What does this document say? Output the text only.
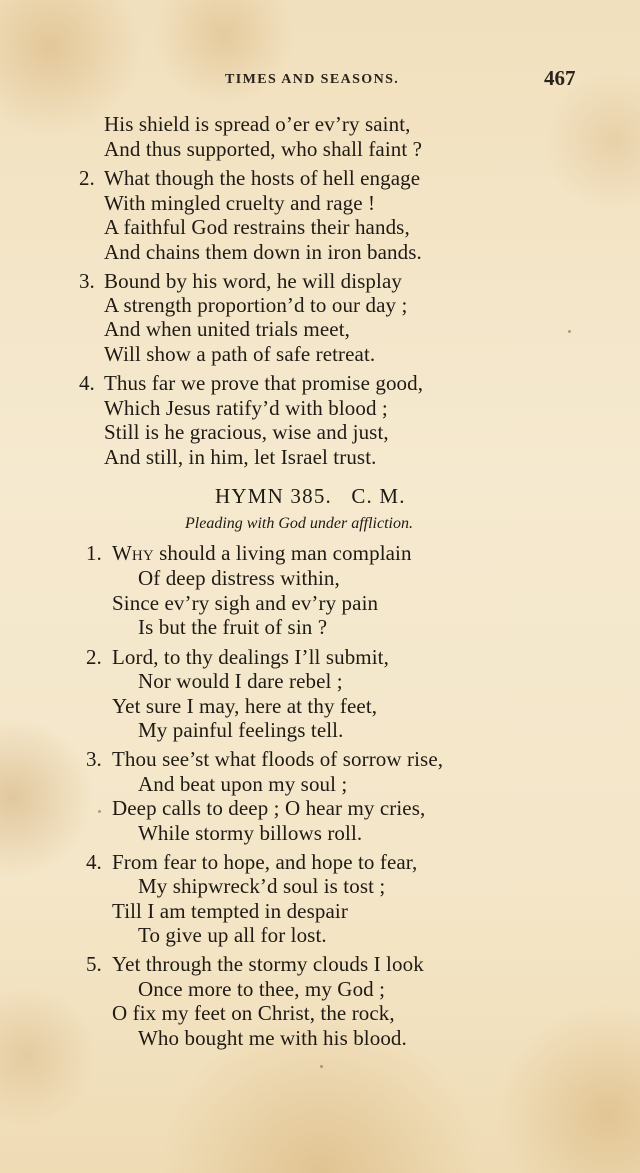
TIMES AND SEASONS.	467
His shield is spread o’er ev’ry saint,
And thus supported, who shall faint ?
2. What though the hosts of hell engage
With mingled cruelty and rage !
A faithful God restrains their hands,
And chains them down in iron bands.
3. Bound by his word, he will display
A strength proportion’d to our day ;
And when united trials meet,
Will show a path of safe retreat.
4. Thus far we prove that promise good,
Which Jesus ratify’d with blood ;
Still is he gracious, wise and just,
And still, in him, let Israel trust.
HYMN 385.   C. M.
Pleading with God under affliction.
1. Why should a living man complain
Of deep distress within,
Since ev’ry sigh and ev’ry pain
Is but the fruit of sin ?
2. Lord, to thy dealings I’ll submit,
Nor would I dare rebel ;
Yet sure I may, here at thy feet,
My painful feelings tell.
3. Thou see’st what floods of sorrow rise,
And beat upon my soul ;
Deep calls to deep ; O hear my cries,
While stormy billows roll.
4. From fear to hope, and hope to fear,
My shipwreck’d soul is tost ;
Till I am tempted in despair
To give up all for lost.
5. Yet through the stormy clouds I look
Once more to thee, my God ;
O fix my feet on Christ, the rock,
Who bought me with his blood.
